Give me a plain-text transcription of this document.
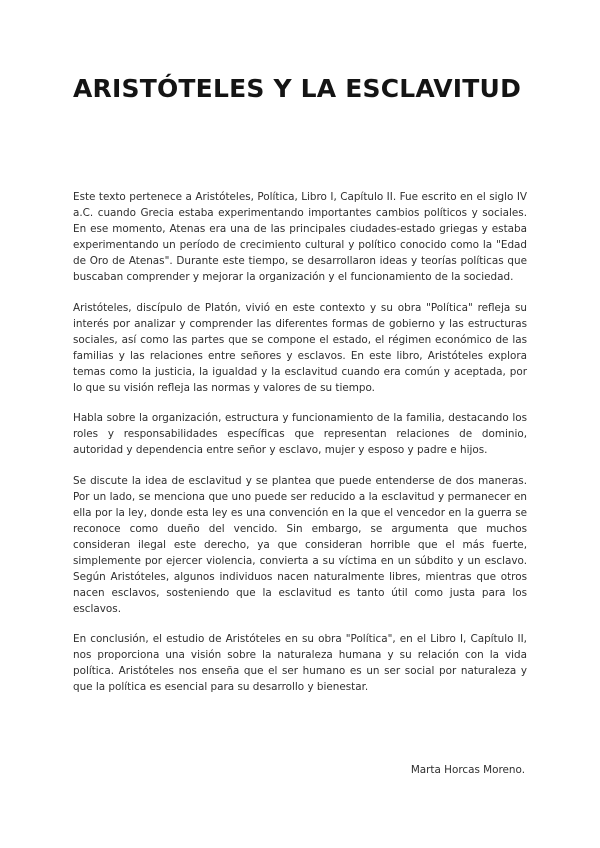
ARISTÓTELES Y LA ESCLAVITUD

Este texto pertenece a Aristóteles, Política, Libro I, Capítulo II. Fue escrito en el siglo IV a.C. cuando Grecia estaba experimentando importantes cambios políticos y sociales. En ese momento, Atenas era una de las principales ciudades-estado griegas y estaba experimentando un período de crecimiento cultural y político conocido como la "Edad de Oro de Atenas". Durante este tiempo, se desarrollaron ideas y teorías políticas que buscaban comprender y mejorar la organización y el funcionamiento de la sociedad.

Aristóteles, discípulo de Platón, vivió en este contexto y su obra "Política" refleja su interés por analizar y comprender las diferentes formas de gobierno y las estructuras sociales, así como las partes que se compone el estado, el régimen económico de las familias y las relaciones entre señores y esclavos. En este libro, Aristóteles explora temas como la justicia, la igualdad y la esclavitud cuando era común y aceptada, por lo que su visión refleja las normas y valores de su tiempo.

Habla sobre la organización, estructura y funcionamiento de la familia, destacando los roles y responsabilidades específicas que representan relaciones de dominio, autoridad y dependencia entre señor y esclavo, mujer y esposo y padre e hijos.

Se discute la idea de esclavitud y se plantea que puede entenderse de dos maneras. Por un lado, se menciona que uno puede ser reducido a la esclavitud y permanecer en ella por la ley, donde esta ley es una convención en la que el vencedor en la guerra se reconoce como dueño del vencido. Sin embargo, se argumenta que muchos consideran ilegal este derecho, ya que consideran horrible que el más fuerte, simplemente por ejercer violencia, convierta a su víctima en un súbdito y un esclavo. Según Aristóteles, algunos individuos nacen naturalmente libres, mientras que otros nacen esclavos, sosteniendo que la esclavitud es tanto útil como justa para los esclavos.

En conclusión, el estudio de Aristóteles en su obra "Política", en el Libro I, Capítulo II, nos proporciona una visión sobre la naturaleza humana y su relación con la vida política. Aristóteles nos enseña que el ser humano es un ser social por naturaleza y que la política es esencial para su desarrollo y bienestar.

Marta Horcas Moreno.
